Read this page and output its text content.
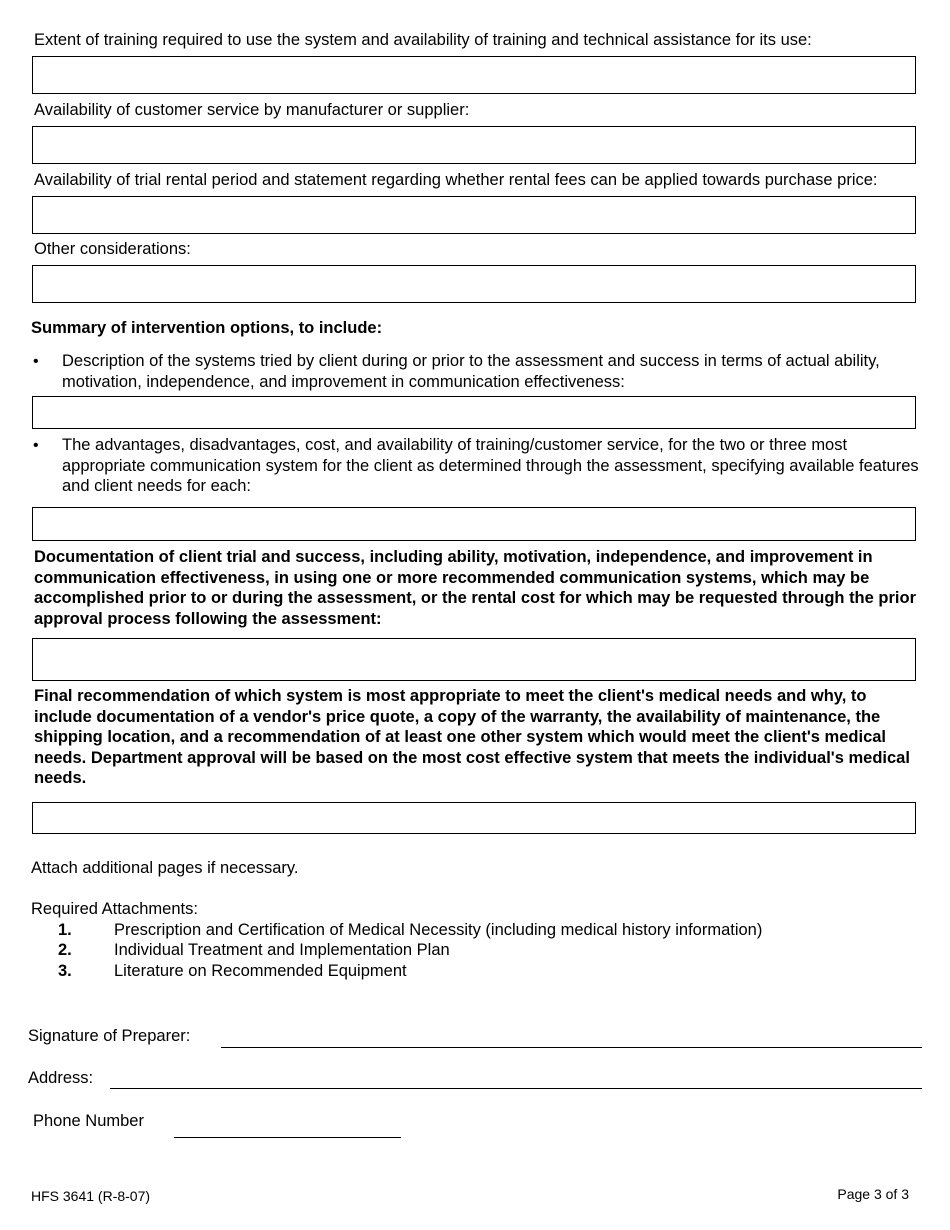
Extent of training required to use the system and availability of training and technical assistance for its use:
Availability of customer service by manufacturer or supplier:
Availability of trial rental period and statement regarding whether rental fees can be applied towards purchase price:
Other considerations:
Summary of intervention options, to include:
• Description of the systems tried by client during or prior to the assessment and success in terms of actual ability, motivation, independence, and improvement in communication effectiveness:
• The advantages, disadvantages, cost, and availability of training/customer service, for the two or three most appropriate communication system for the client as determined through the assessment, specifying available features and client needs for each:
Documentation of client trial and success, including ability, motivation, independence, and improvement in communication effectiveness, in using one or more recommended communication systems, which may be accomplished prior to or during the assessment, or the rental cost for which may be requested through the prior approval process following the assessment:
Final recommendation of which system is most appropriate to meet the client's medical needs and why, to include documentation of a vendor's price quote, a copy of the warranty, the availability of maintenance, the shipping location, and a recommendation of at least one other system which would meet the client's medical needs. Department approval will be based on the most cost effective system that meets the individual's medical needs.
Attach additional pages if necessary.
Required Attachments:
1.	Prescription and Certification of Medical Necessity (including medical history information)
2.	Individual Treatment and Implementation Plan
3.	Literature on Recommended Equipment
Signature of Preparer:
Address:
Phone Number
HFS 3641 (R-8-07)	Page 3 of 3
